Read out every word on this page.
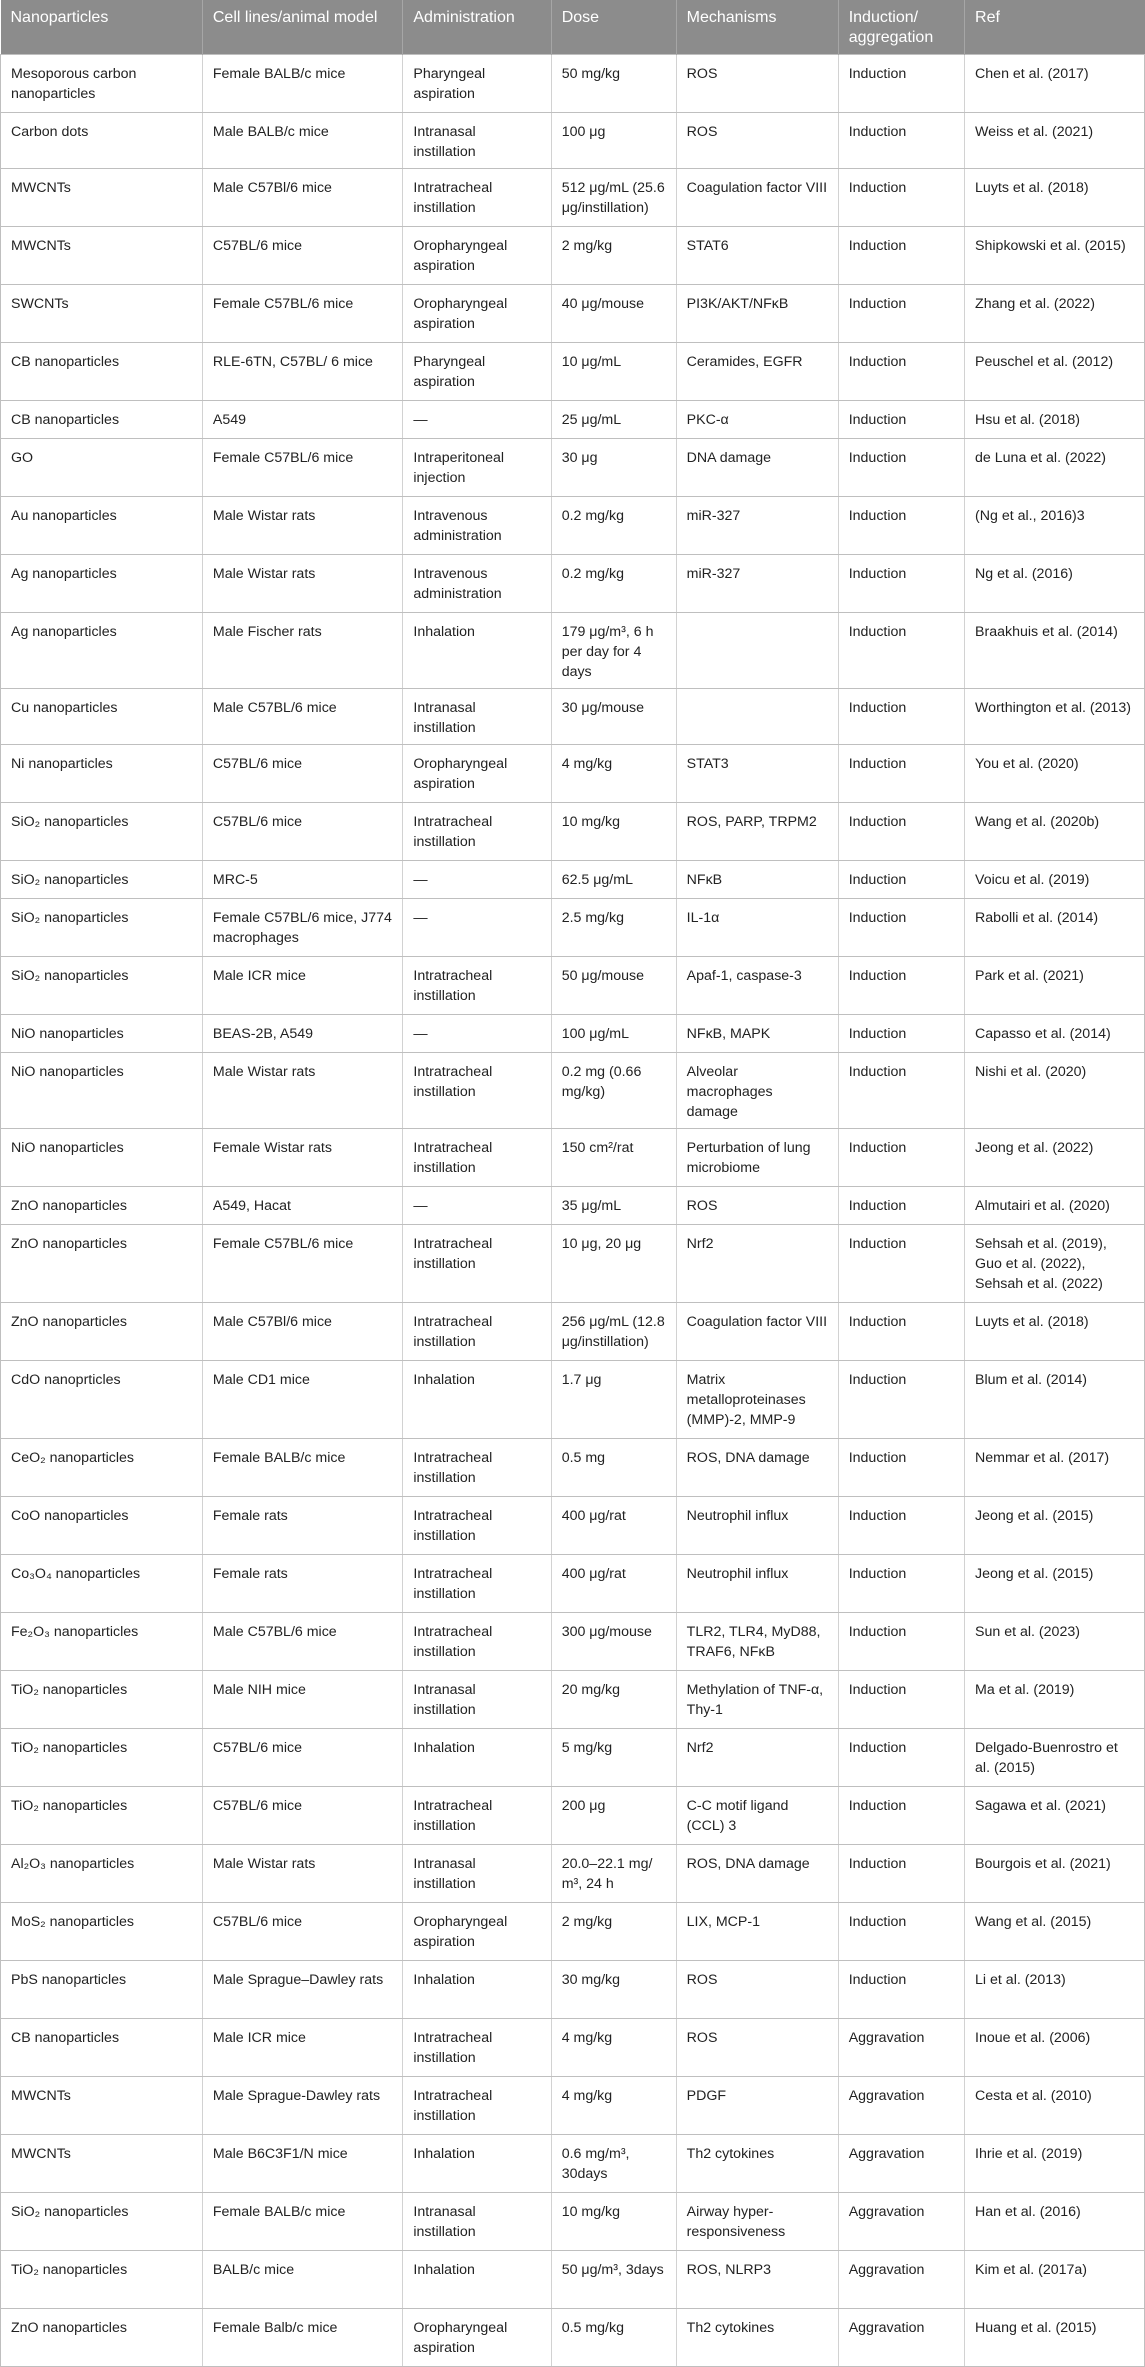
Nanoparticles	Cell lines/animal model	Administration	Dose	Mechanisms	Induction/ aggregation	Ref
Mesoporous carbon nanoparticles	Female BALB/c mice	Pharyngeal aspiration	50 mg/kg	ROS	Induction	Chen et al. (2017)
Carbon dots	Male BALB/c mice	Intranasal instillation	100 μg	ROS	Induction	Weiss et al. (2021)
MWCNTs	Male C57Bl/6 mice	Intratracheal instillation	512 μg/mL (25.6 μg/instillation)	Coagulation factor VIII	Induction	Luyts et al. (2018)
MWCNTs	C57BL/6 mice	Oropharyngeal aspiration	2 mg/kg	STAT6	Induction	Shipkowski et al. (2015)
SWCNTs	Female C57BL/6 mice	Oropharyngeal aspiration	40 μg/mouse	PI3K/AKT/NFκB	Induction	Zhang et al. (2022)
CB nanoparticles	RLE-6TN, C57BL/ 6 mice	Pharyngeal aspiration	10 μg/mL	Ceramides, EGFR	Induction	Peuschel et al. (2012)
CB nanoparticles	A549	—	25 μg/mL	PKC-α	Induction	Hsu et al. (2018)
GO	Female C57BL/6 mice	Intraperitoneal injection	30 μg	DNA damage	Induction	de Luna et al. (2022)
Au nanoparticles	Male Wistar rats	Intravenous administration	0.2 mg/kg	miR-327	Induction	(Ng et al., 2016)3
Ag nanoparticles	Male Wistar rats	Intravenous administration	0.2 mg/kg	miR-327	Induction	Ng et al. (2016)
Ag nanoparticles	Male Fischer rats	Inhalation	179 μg/m³, 6 h per day for 4 days		Induction	Braakhuis et al. (2014)
Cu nanoparticles	Male C57BL/6 mice	Intranasal instillation	30 μg/mouse		Induction	Worthington et al. (2013)
Ni nanoparticles	C57BL/6 mice	Oropharyngeal aspiration	4 mg/kg	STAT3	Induction	You et al. (2020)
SiO₂ nanoparticles	C57BL/6 mice	Intratracheal instillation	10 mg/kg	ROS, PARP, TRPM2	Induction	Wang et al. (2020b)
SiO₂ nanoparticles	MRC-5	—	62.5 μg/mL	NFκB	Induction	Voicu et al. (2019)
SiO₂ nanoparticles	Female C57BL/6 mice, J774 macrophages	—	2.5 mg/kg	IL-1α	Induction	Rabolli et al. (2014)
SiO₂ nanoparticles	Male ICR mice	Intratracheal instillation	50 μg/mouse	Apaf-1, caspase-3	Induction	Park et al. (2021)
NiO nanoparticles	BEAS-2B, A549	—	100 μg/mL	NFκB, MAPK	Induction	Capasso et al. (2014)
NiO nanoparticles	Male Wistar rats	Intratracheal instillation	0.2 mg (0.66 mg/kg)	Alveolar macrophages damage	Induction	Nishi et al. (2020)
NiO nanoparticles	Female Wistar rats	Intratracheal instillation	150 cm²/rat	Perturbation of lung microbiome	Induction	Jeong et al. (2022)
ZnO nanoparticles	A549, Hacat	—	35 μg/mL	ROS	Induction	Almutairi et al. (2020)
ZnO nanoparticles	Female C57BL/6 mice	Intratracheal instillation	10 μg, 20 μg	Nrf2	Induction	Sehsah et al. (2019), Guo et al. (2022), Sehsah et al. (2022)
ZnO nanoparticles	Male C57Bl/6 mice	Intratracheal instillation	256 μg/mL (12.8 μg/instillation)	Coagulation factor VIII	Induction	Luyts et al. (2018)
CdO nanoprticles	Male CD1 mice	Inhalation	1.7 μg	Matrix metalloproteinases (MMP)-2, MMP-9	Induction	Blum et al. (2014)
CeO₂ nanoparticles	Female BALB/c mice	Intratracheal instillation	0.5 mg	ROS, DNA damage	Induction	Nemmar et al. (2017)
CoO nanoparticles	Female rats	Intratracheal instillation	400 μg/rat	Neutrophil influx	Induction	Jeong et al. (2015)
Co₃O₄ nanoparticles	Female rats	Intratracheal instillation	400 μg/rat	Neutrophil influx	Induction	Jeong et al. (2015)
Fe₂O₃ nanoparticles	Male C57BL/6 mice	Intratracheal instillation	300 μg/mouse	TLR2, TLR4, MyD88, TRAF6, NFκB	Induction	Sun et al. (2023)
TiO₂ nanoparticles	Male NIH mice	Intranasal instillation	20 mg/kg	Methylation of TNF-α, Thy-1	Induction	Ma et al. (2019)
TiO₂ nanoparticles	C57BL/6 mice	Inhalation	5 mg/kg	Nrf2	Induction	Delgado-Buenrostro et al. (2015)
TiO₂ nanoparticles	C57BL/6 mice	Intratracheal instillation	200 μg	C-C motif ligand (CCL) 3	Induction	Sagawa et al. (2021)
Al₂O₃ nanoparticles	Male Wistar rats	Intranasal instillation	20.0–22.1 mg/ m³, 24 h	ROS, DNA damage	Induction	Bourgois et al. (2021)
MoS₂ nanoparticles	C57BL/6 mice	Oropharyngeal aspiration	2 mg/kg	LIX, MCP-1	Induction	Wang et al. (2015)
PbS nanoparticles	Male Sprague–Dawley rats	Inhalation	30 mg/kg	ROS	Induction	Li et al. (2013)
CB nanoparticles	Male ICR mice	Intratracheal instillation	4 mg/kg	ROS	Aggravation	Inoue et al. (2006)
MWCNTs	Male Sprague-Dawley rats	Intratracheal instillation	4 mg/kg	PDGF	Aggravation	Cesta et al. (2010)
MWCNTs	Male B6C3F1/N mice	Inhalation	0.6 mg/m³, 30days	Th2 cytokines	Aggravation	Ihrie et al. (2019)
SiO₂ nanoparticles	Female BALB/c mice	Intranasal instillation	10 mg/kg	Airway hyper-responsiveness	Aggravation	Han et al. (2016)
TiO₂ nanoparticles	BALB/c mice	Inhalation	50 μg/m³, 3days	ROS, NLRP3	Aggravation	Kim et al. (2017a)
ZnO nanoparticles	Female Balb/c mice	Oropharyngeal aspiration	0.5 mg/kg	Th2 cytokines	Aggravation	Huang et al. (2015)
